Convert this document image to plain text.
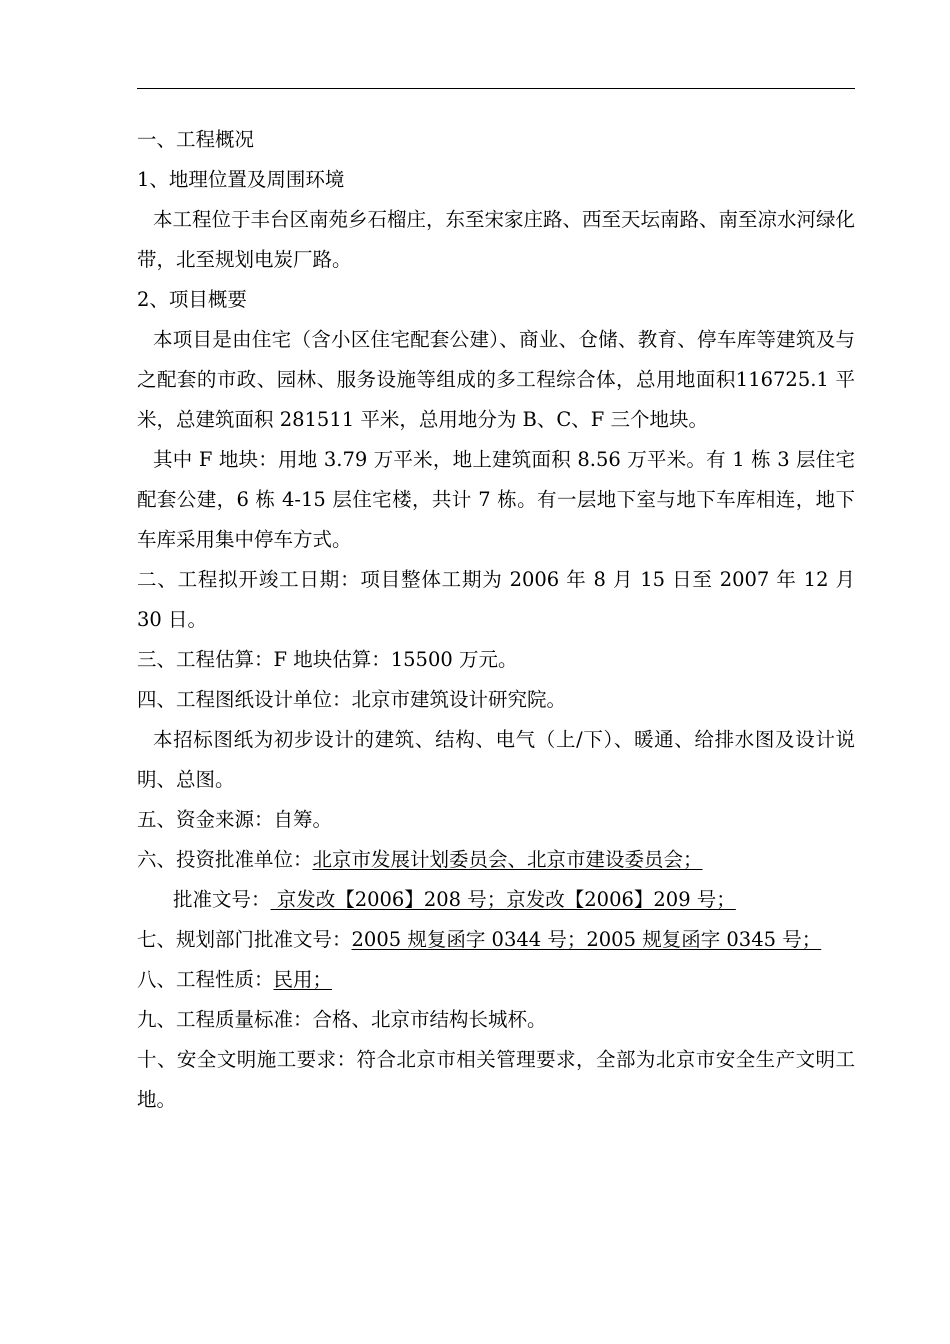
一、工程概况

1、地理位置及周围环境

本工程位于丰台区南苑乡石榴庄，东至宋家庄路、西至天坛南路、南至凉水河绿化带，北至规划电炭厂路。

2、项目概要

本项目是由住宅（含小区住宅配套公建）、商业、仓储、教育、停车库等建筑及与之配套的市政、园林、服务设施等组成的多工程综合体，总用地面积116725.1 平米，总建筑面积 281511 平米，总用地分为 B、C、F 三个地块。

其中 F 地块：用地 3.79 万平米，地上建筑面积 8.56 万平米。有 1 栋 3 层住宅配套公建，6 栋 4-15 层住宅楼，共计 7 栋。有一层地下室与地下车库相连，地下车库采用集中停车方式。

二、工程拟开竣工日期：项目整体工期为 2006 年 8 月 15 日至 2007 年 12 月 30 日。

三、工程估算：F 地块估算：15500 万元。

四、工程图纸设计单位：北京市建筑设计研究院。

本招标图纸为初步设计的建筑、结构、电气（上/下）、暖通、给排水图及设计说明、总图。

五、资金来源：自筹。

六、投资批准单位：北京市发展计划委员会、北京市建设委员会；

批准文号： 京发改【2006】208 号；京发改【2006】209 号；

七、规划部门批准文号：2005 规复函字 0344 号；2005 规复函字 0345 号；

八、工程性质：民用；

九、工程质量标准：合格、北京市结构长城杯。

十、安全文明施工要求：符合北京市相关管理要求，全部为北京市安全生产文明工地。
